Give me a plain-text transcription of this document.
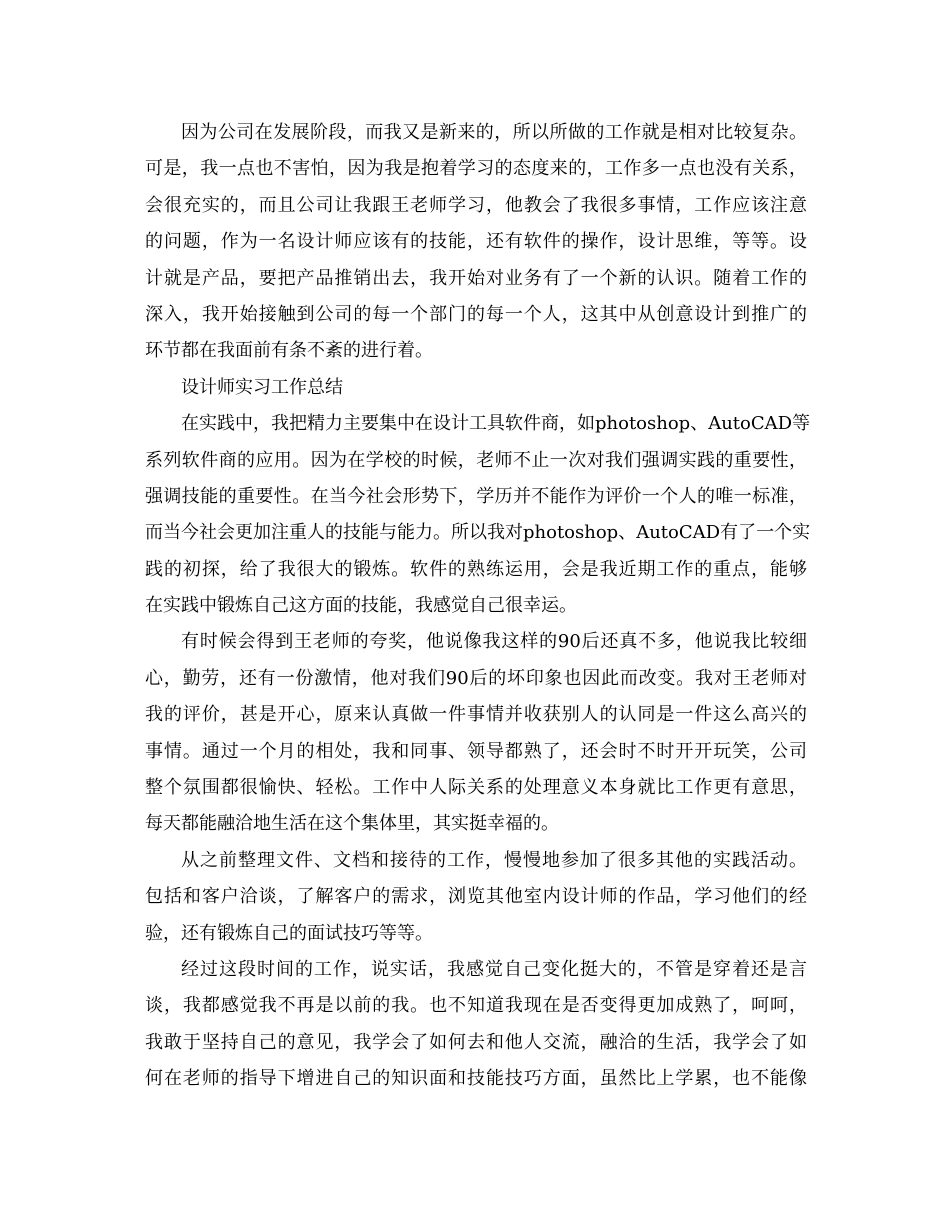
因为公司在发展阶段，而我又是新来的，所以所做的工作就是相对比较复杂。

可是，我一点也不害怕，因为我是抱着学习的态度来的，工作多一点也没有关系，

会很充实的，而且公司让我跟王老师学习，他教会了我很多事情，工作应该注意

的问题，作为一名设计师应该有的技能，还有软件的操作，设计思维，等等。设

计就是产品，要把产品推销出去，我开始对业务有了一个新的认识。随着工作的

深入，我开始接触到公司的每一个部门的每一个人，这其中从创意设计到推广的

环节都在我面前有条不紊的进行着。

设计师实习工作总结

在实践中，我把精力主要集中在设计工具软件商，如photoshop、AutoCAD等

系列软件商的应用。因为在学校的时候，老师不止一次对我们强调实践的重要性，

强调技能的重要性。在当今社会形势下，学历并不能作为评价一个人的唯一标准，

而当今社会更加注重人的技能与能力。所以我对photoshop、AutoCAD有了一个实

践的初探，给了我很大的锻炼。软件的熟练运用，会是我近期工作的重点，能够

在实践中锻炼自己这方面的技能，我感觉自己很幸运。

有时候会得到王老师的夸奖，他说像我这样的90后还真不多，他说我比较细

心，勤劳，还有一份激情，他对我们90后的坏印象也因此而改变。我对王老师对

我的评价，甚是开心，原来认真做一件事情并收获别人的认同是一件这么高兴的

事情。通过一个月的相处，我和同事、领导都熟了，还会时不时开开玩笑，公司

整个氛围都很愉快、轻松。工作中人际关系的处理意义本身就比工作更有意思，

每天都能融洽地生活在这个集体里，其实挺幸福的。

从之前整理文件、文档和接待的工作，慢慢地参加了很多其他的实践活动。

包括和客户洽谈，了解客户的需求，浏览其他室内设计师的作品，学习他们的经

验，还有锻炼自己的面试技巧等等。

经过这段时间的工作，说实话，我感觉自己变化挺大的，不管是穿着还是言

谈，我都感觉我不再是以前的我。也不知道我现在是否变得更加成熟了，呵呵，

我敢于坚持自己的意见，我学会了如何去和他人交流，融洽的生活，我学会了如

何在老师的指导下增进自己的知识面和技能技巧方面，虽然比上学累，也不能像
